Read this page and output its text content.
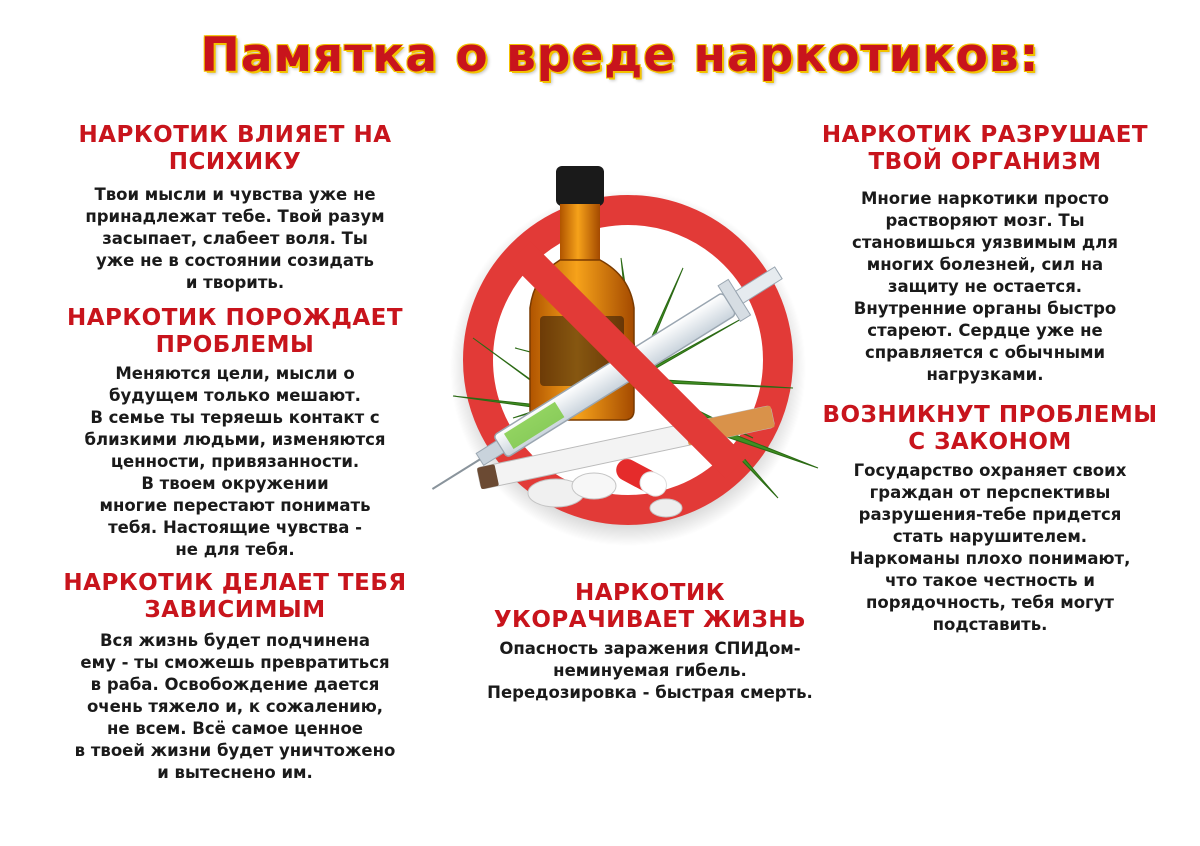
Памятка о вреде наркотиков:
НАРКОТИК ВЛИЯЕТ НА
ПСИХИКУ
Твои мысли и чувства уже не
принадлежат тебе. Твой разум
засыпает, слабеет воля. Ты
уже не в состоянии созидать
и творить.
НАРКОТИК ПОРОЖДАЕТ
ПРОБЛЕМЫ
Меняются цели, мысли о
будущем только мешают.
В семье ты теряешь контакт с
близкими людьми, изменяются
ценности, привязанности.
В твоем окружении
многие перестают понимать
тебя. Настоящие чувства -
не для тебя.
НАРКОТИК ДЕЛАЕТ ТЕБЯ
ЗАВИСИМЫМ
Вся жизнь будет подчинена
ему - ты сможешь превратиться
в раба. Освобождение дается
очень тяжело и, к сожалению,
не всем. Всё самое ценное
в твоей жизни будет уничтожено
и вытеснено им.
НАРКОТИК РАЗРУШАЕТ
ТВОЙ ОРГАНИЗМ
Многие наркотики просто
растворяют мозг. Ты
становишься уязвимым для
многих болезней, сил на
защиту не остается.
Внутренние органы быстро
стареют. Сердце уже не
справляется с обычными
нагрузками.
ВОЗНИКНУТ ПРОБЛЕМЫ
С ЗАКОНОМ
Государство охраняет своих
граждан от перспективы
разрушения-тебе придется
стать нарушителем.
Наркоманы плохо понимают,
что такое честность и
порядочность, тебя могут
подставить.
НАРКОТИК
УКОРАЧИВАЕТ ЖИЗНЬ
Опасность заражения СПИДом-
неминуемая гибель.
Передозировка - быстрая смерть.
